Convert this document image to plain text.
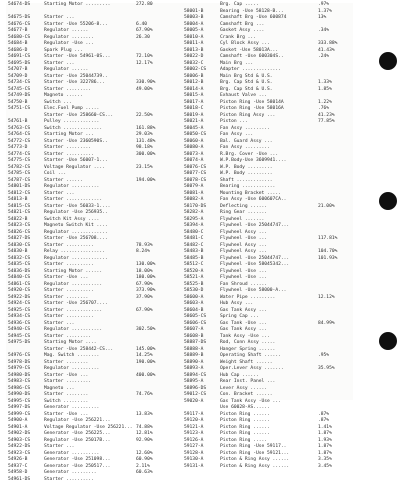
54674-DS	Starting Motor .........	272.80
54675-DS	Starter ...
54676-CS	Starter -Use 55206-8...	6.40
54677-B	Regulator ......	67.90%
54680-CS	Regulator ........	26.30
54684-B	Regulator -Use ...
54686-D	Spark Plug ...
54691-CS	Starter -Use 54961-0S...	72.10%
54695-DS	Starter ...	12.17%
54707-B	Regulator ......
54709-D	Starter -Use 25044739..
54734-CS	Starter -Use 322786...	330.90%
54745-CS	Starter .........	49.00%
54749-DS	Magneto ......
54750-B	Switch ...
54751-CS	Elec.Fuel Pump .....
Starter -Use 258660-CS...	22.50%
54761-B	Pulley .............
54763-CS	Switch ..............	161.88%
54764-CS	Starting Motor ...	29.03%
54772-CS	Starter -Use 2360590S..	131.48%
54773-D	Starter .........	98.18%
54774-CS	Starter ..........	300.00%
54775-CS	Starter -Use 56007-1...
54782-CS	Voltage Regulator ....	23.15%
54785-CS	Coil ...
54787-CS	Starter ......	194.00%
54801-DS	Regulator ..........
54812-CS	Starter ...
54813-B	Starter .............
54815-CS	Starter -Use 56033-1....
54821-CS	Regulator -Use 256935..
54822-B	Switch Kit Assy ....
54823-CS	Magneto Switch Kit ....
54826-CS	Regulator .............
54827-DS	Starter -Use 256708....
54830-CS	Starter ..........	78.93%
54830-B	Relay ................	8.24%
54832-CS	Regulator .............
54835-CS	Starter ..........	130.00%
54836-DS	Starting Motor ......	18.00%
54840-CS	Starter -Use ...	180.00%
54861-CS	Regulator ...........	67.90%
54920-CS	Starter ..........	373.90%
54922-DS	Starter ........	37.90%
54924-CS	Starter -Use 256707....
54925-CS	Starter .............	67.90%
54934-CS	Starter ..........
54936-CS	Starter ...
54940-CS	Regulator ...........	302.50%
54945-CS	Starter .........
54975-DS	Starting Motor ....
Starter -Use 258442-CS...	145.00%
54976-CS	Mag. Switch ........	14.25%
54978-DS	Starter ........	190.00%
54979-CS	Regulator ..........
54980-DS	Starter -Use ...	400.00%
54983-CS	Starter .........
54986-CS	Magneto ...
54990-DS	Starter ........	74.76%
54995-CS	Switch .........
54997-DS	Generator ..........
54999-CS	Starter -Use ...	13.83%
54900-A	Regulator -Use 256221...
54901-A	Voltage Regulator -Use 256221... 74.88%
54902-DS	Generator -Use 256225...	12.81%
54903-CS	Regulator -Use 25017B...	92.90%
54922-DS	Starter ...
54923-CS	Generator ..........	12.60%
54926-B	Generator -Use 251098...	60.90%
54937-C	Generator -Use 250517...	2.11%
54958-D	Generator .........	60.63%
54961-DS	Starter ..........
Brg. Cap .....	.97%
58001-B	Bearing -Use 58128-B...	1.37%
58003-B	Camshaft Brg -Use 600874	13%
58004-A	Camshaft Brg ...
58005-A	Gasket Assy ....	.34%
58010-A	Crank Brg ...
58011-A	Cyl Block Assy ...	333.88%
58013-B	Gasket -Use 58013A...	41.43%
58022-D	Camshaft -Use 600304S..	.24%
58032-C	Main Brg ...
58002-CS	Adapter ..............
58006-B	Main Brg Std & U.S.
58012-B	Brg. Cap Std & U.S.	1.33%
58014-A	Brg. Cap Std & U.S.	1.85%
58015-A	Exhaust Valve ...
58017-A	Piston Ring -Use 58014A	1.22%
58018-C	Piston Ring -Use 58016A	.76%
58019-A	Piston Ring Assy ...	41.23%
58021-A	Piston ...	77.85%
58045-A	Fan Assy .........
58050-CS	Fan Assy ...
58060-A	Bal. Guard Assy ...
58080-A	Fan Assy .........
58073-A	R.Brg. Cover -Use ...
58074-A	W.P.Body-Use 3609941....
58076-CS	W.P. Body .........
58077-CS	W.P. Body .........
58078-CS	Shaft .............
58079-A	Bearing ............
58081-A	Mounting Bracket .....
58082-A	Fan Assy -Use 600607CA..
58170-DS	Deflecting ......	21.00%
58282-A	Ring Gear .......
58295-A	Flywheel .......
58394-A	Flywheel -Use 25044747...
58480-C	Flywheel Assy ...
58481-C	Flywheel -Use ...	117.81%
58482-C	Flywheel Assy ...
58483-B	Flywheel Assy ...	104.70%
58485-B	Flywheel -Use 25044747...	101.93%
58512-C	Flywheel -Use 58045342...
58520-A	Flywheel -Use ...
58521-A	Flywheel -Use ...
58525-B	Fan Shroud ......
58530-D	Flywheel -Use 58000-A...
58600-A	Water Pipe .........	12.12%
58603-A	Hub Assy ...
58604-B	Gas Tank Assy ...
58605-CS	Spring Cap ...
58606-CS	Gas Tank -Use ...	84.99%
58607-A	Gas Tank Assy ...
58608-B	Tank Assy -Use ...
58887-DS	Rod, Conn Assy .....
58888-A	Hanger Spring ......
58889-B	Operating Shaft ......	.95%
58890-A	Weight Shaft ......
58893-A	Oper.Lever Assy .......	35.95%
58894-CS	Hub Cap ......
58895-A	Rear Inst. Panel ...
58896-DS	Lever Assy ......
59012-CS	Con. Bracket ......
59020-A	Gas Tank Assy -Use ...
Use 60028-AS......
59117-A	Piston Ring ......	.87%
59120-A	Piston Ring ......	.87%
59121-A	Piston Ring ......	1.41%
59123-A	Piston Ring ......	1.87%
59126-A	Piston Ring .....	1.93%
59127-A	Piston Ring -Use 59117..	1.87%
59128-A	Piston Ring -Use 59121...	1.87%
59130-A	Piston & Ring Assy ......	3.35%
59131-A	Piston & Ring Assy ......	3.45%
